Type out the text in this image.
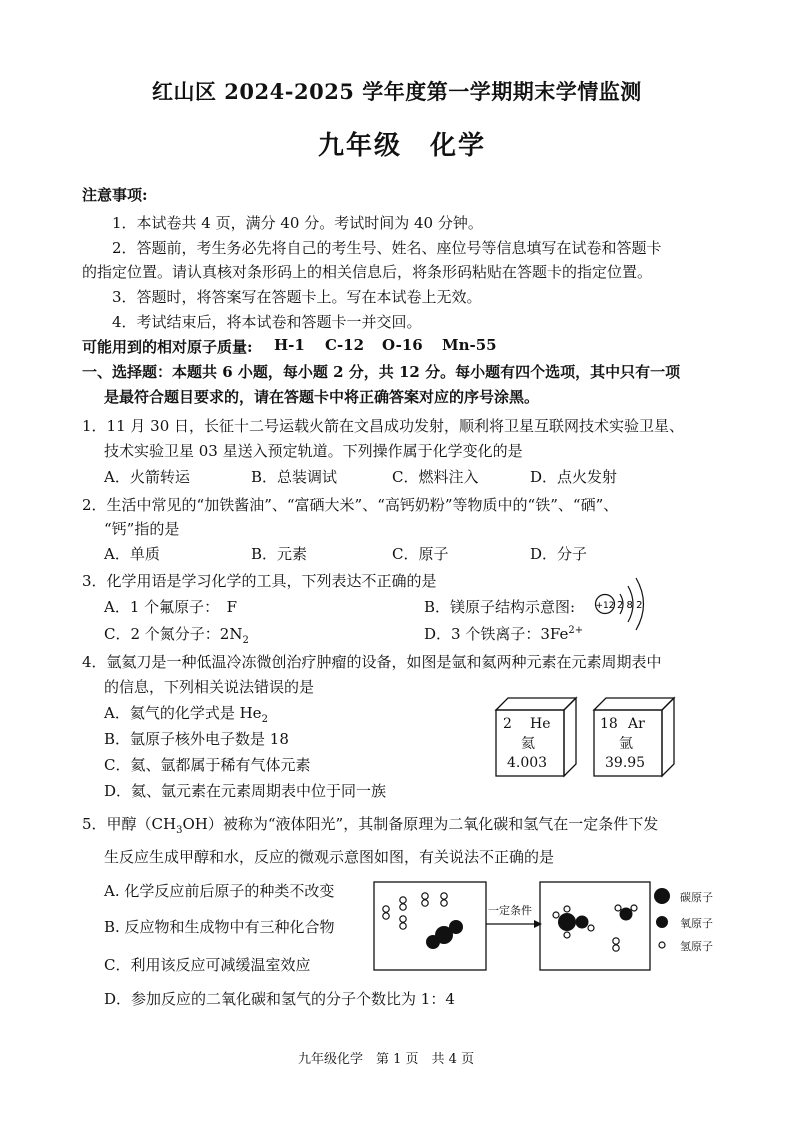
红山区 2024-2025 学年度第一学期期末学情监测
九年级　化学
注意事项:
1．本试卷共 4 页，满分 40 分。考试时间为 40 分钟。
2．答题前，考生务必先将自己的考生号、姓名、座位号等信息填写在试卷和答题卡
的指定位置。请认真核对条形码上的相关信息后，将条形码粘贴在答题卡的指定位置。
3．答题时，将答案写在答题卡上。写在本试卷上无效。
4．考试结束后，将本试卷和答题卡一并交回。
可能用到的相对原子质量: H-1 C-12 O-16 Mn-55
一、选择题：本题共 6 小题，每小题 2 分，共 12 分。每小题有四个选项，其中只有一项
是最符合题目要求的，请在答题卡中将正确答案对应的序号涂黑。
1．11 月 30 日，长征十二号运载火箭在文昌成功发射，顺利将卫星互联网技术实验卫星、
技术实验卫星 03 星送入预定轨道。下列操作属于化学变化的是
A．火箭转运	B．总装调试	C．燃料注入	D．点火发射
2．生活中常见的“加铁酱油”、“富硒大米”、“高钙奶粉”等物质中的“铁”、“硒”、
“钙”指的是
A．单质	B．元素	C．原子	D．分子
3．化学用语是学习化学的工具，下列表达不正确的是
A．1 个氟原子：　F	B．镁原子结构示意图: +12 2 8 2
C．2 个氮分子：$2N_2$	D．3 个铁离子：$3Fe^{2+}$
4．氩氦刀是一种低温冷冻微创治疗肿瘤的设备，如图是氩和氦两种元素在元素周期表中
的信息，下列相关说法错误的是
A．氦气的化学式是 $He_2$
B．氩原子核外电子数是 18
C．氦、氩都属于稀有气体元素
D．氦、氩元素在元素周期表中位于同一族
2 He
氦
4.003
18 Ar
氩
39.95
5．甲醇$(CH_3OH)$被称为“液体阳光”，其制备原理为二氧化碳和氢气在一定条件下发
生反应生成甲醇和水，反应的微观示意图如图，有关说法不正确的是
A. 化学反应前后原子的种类不改变
B. 反应物和生成物中有三种化合物
C．利用该反应可减缓温室效应
D．参加反应的二氧化碳和氢气的分子个数比为 1：4
一定条件
碳原子
氧原子
氢原子
九年级化学　第 1 页　共 4 页
